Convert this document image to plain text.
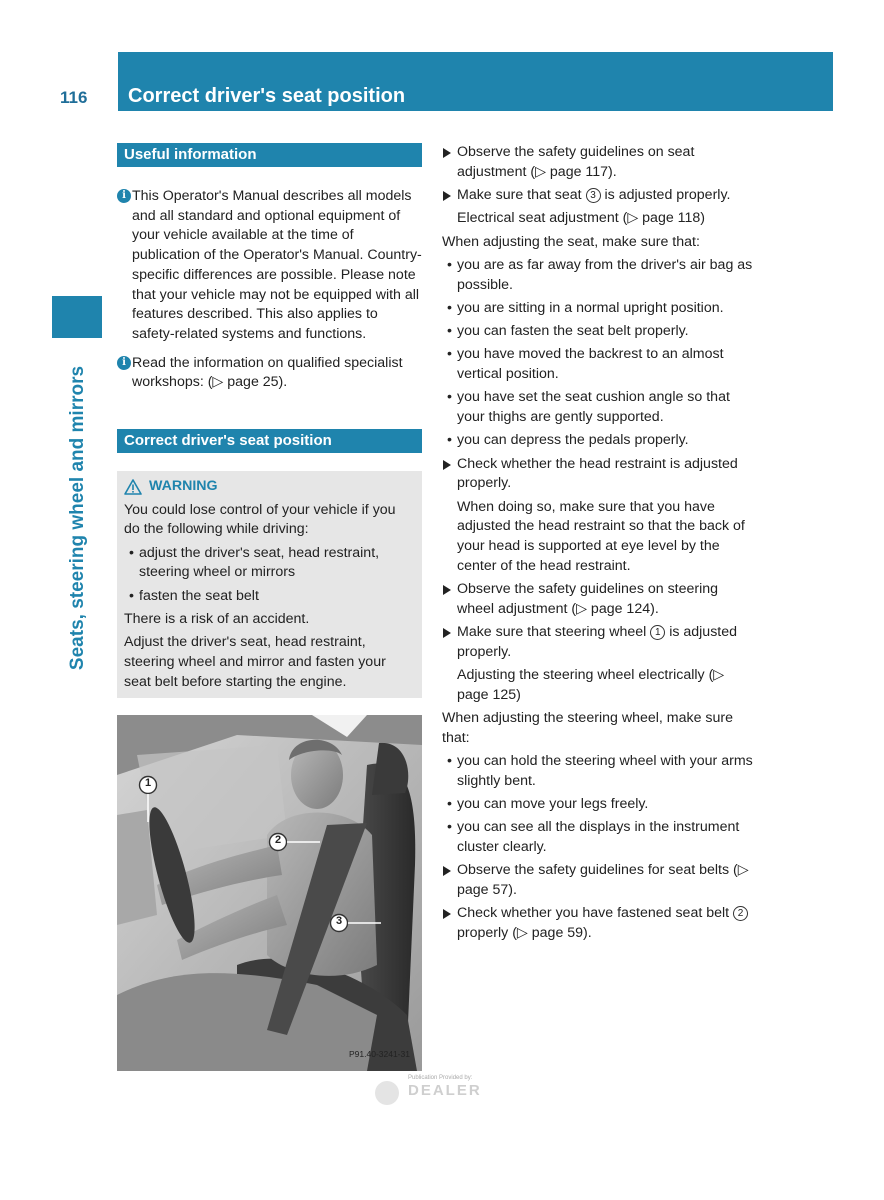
116 Correct driver's seat position
Seats, steering wheel and mirrors
Useful information
i This Operator's Manual describes all models and all standard and optional equipment of your vehicle available at the time of publication of the Operator's Manual. Country-specific differences are possible. Please note that your vehicle may not be equipped with all features described. This also applies to safety-related systems and functions.
i Read the information on qualified specialist workshops: (▷ page 25).
Correct driver's seat position
WARNING

You could lose control of your vehicle if you do the following while driving:

• adjust the driver's seat, head restraint, steering wheel or mirrors
• fasten the seat belt

There is a risk of an accident.

Adjust the driver's seat, head restraint, steering wheel and mirror and fasten your seat belt before starting the engine.

1
2
3
P91.40-3241-31
Publication Provided by:
DEALER
Observe the safety guidelines on seat adjustment (▷ page 117).
Make sure that seat 3 is adjusted properly.
Electrical seat adjustment (▷ page 118)
When adjusting the seat, make sure that:
• you are as far away from the driver's air bag as possible.
• you are sitting in a normal upright position.
• you can fasten the seat belt properly.
• you have moved the backrest to an almost vertical position.
• you have set the seat cushion angle so that your thighs are gently supported.
• you can depress the pedals properly.
Check whether the head restraint is adjusted properly.
When doing so, make sure that you have adjusted the head restraint so that the back of your head is supported at eye level by the center of the head restraint.
Observe the safety guidelines on steering wheel adjustment (▷ page 124).
Make sure that steering wheel 1 is adjusted properly.
Adjusting the steering wheel electrically (▷ page 125)
When adjusting the steering wheel, make sure that:
• you can hold the steering wheel with your arms slightly bent.
• you can move your legs freely.
• you can see all the displays in the instrument cluster clearly.
Observe the safety guidelines for seat belts (▷ page 57).
Check whether you have fastened seat belt 2 properly (▷ page 59).
